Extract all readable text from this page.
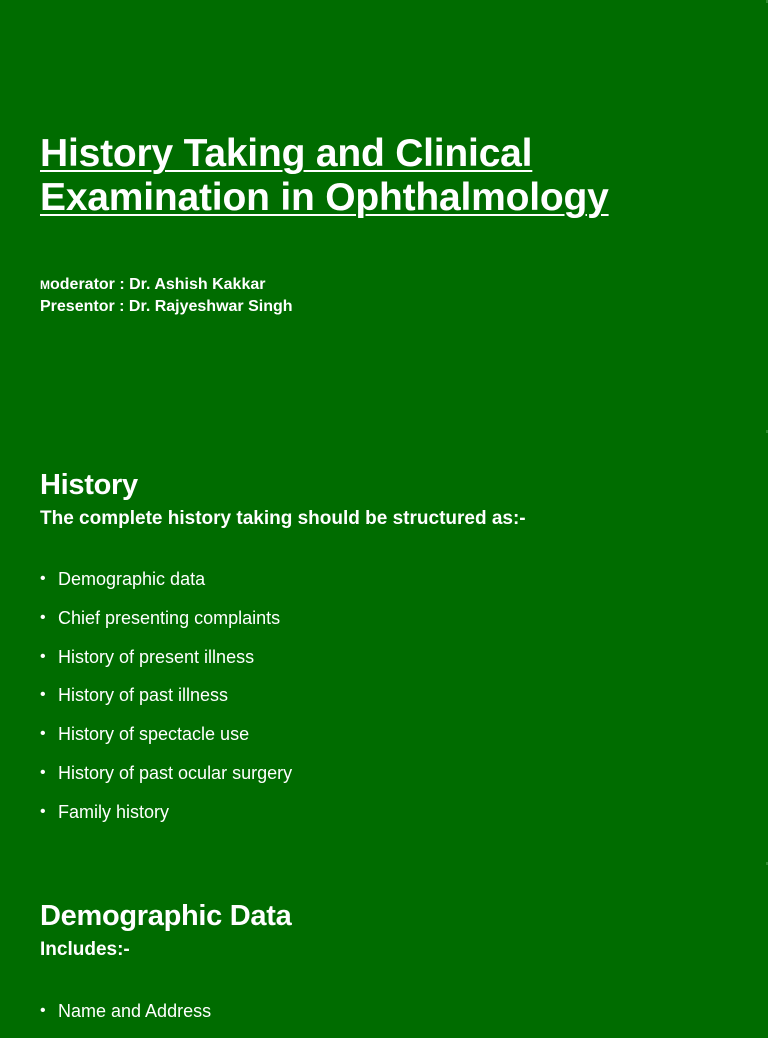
History Taking and Clinical
Examination in Ophthalmology
Moderator : Dr. Ashish Kakkar
Presentor : Dr. Rajyeshwar Singh
History
The complete history taking should be structured as:-
• Demographic data
• Chief presenting complaints
• History of present illness
• History of past illness
• History of spectacle use
• History of past ocular surgery
• Family history
Demographic Data
Includes:-
• Name and Address
